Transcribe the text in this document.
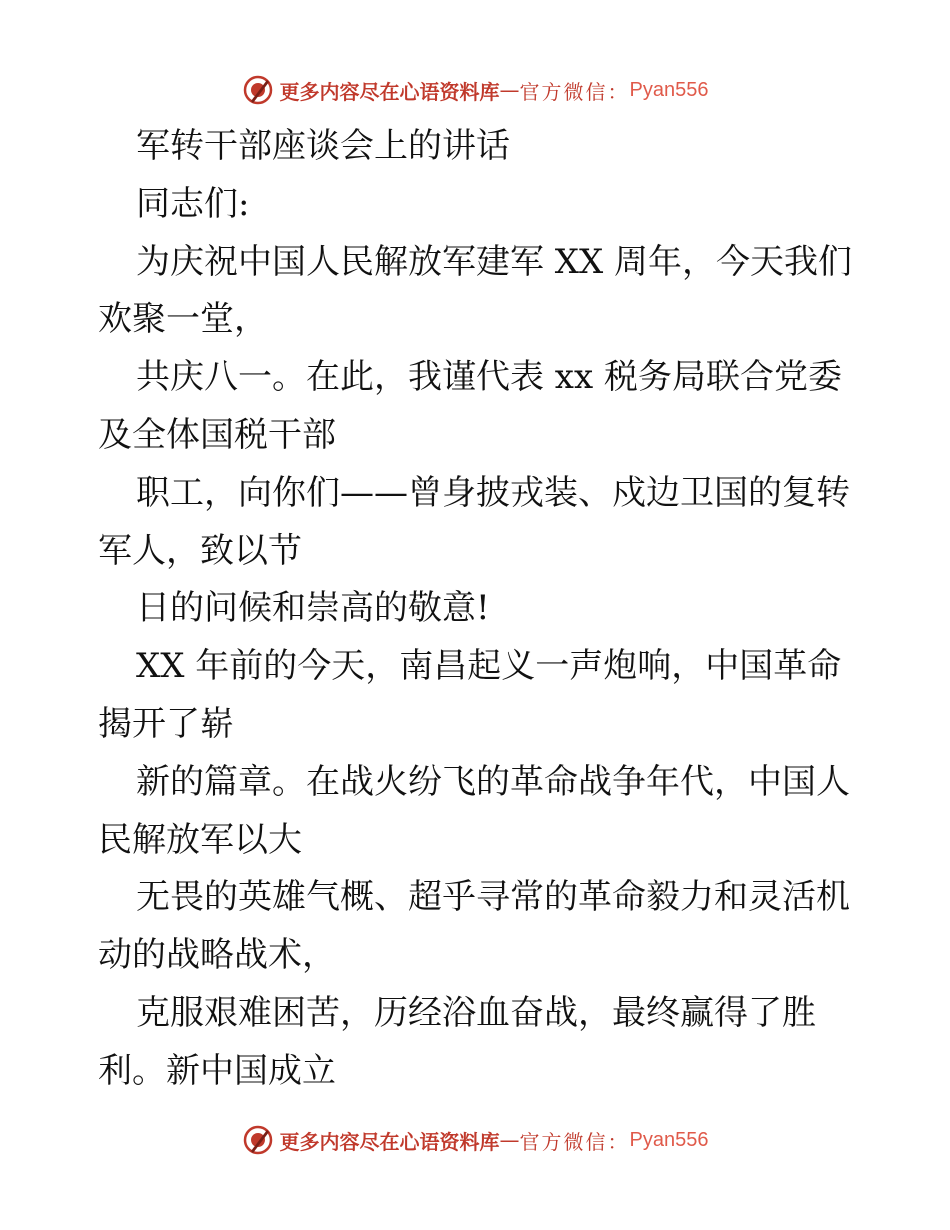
更多内容尽在心语资料库 — 官方微信： Pyan556
军转干部座谈会上的讲话
同志们:
为庆祝中国人民解放军建军 XX 周年，今天我们
欢聚一堂，
共庆八一。在此，我谨代表 xx 税务局联合党委
及全体国税干部
职工，向你们——曾身披戎装、戍边卫国的复转
军人，致以节
日的问候和崇高的敬意!
XX 年前的今天，南昌起义一声炮响，中国革命
揭开了崭
新的篇章。在战火纷飞的革命战争年代，中国人
民解放军以大
无畏的英雄气概、超乎寻常的革命毅力和灵活机
动的战略战术，
克服艰难困苦，历经浴血奋战，最终赢得了胜
利。新中国成立
更多内容尽在心语资料库 — 官方微信： Pyan556
